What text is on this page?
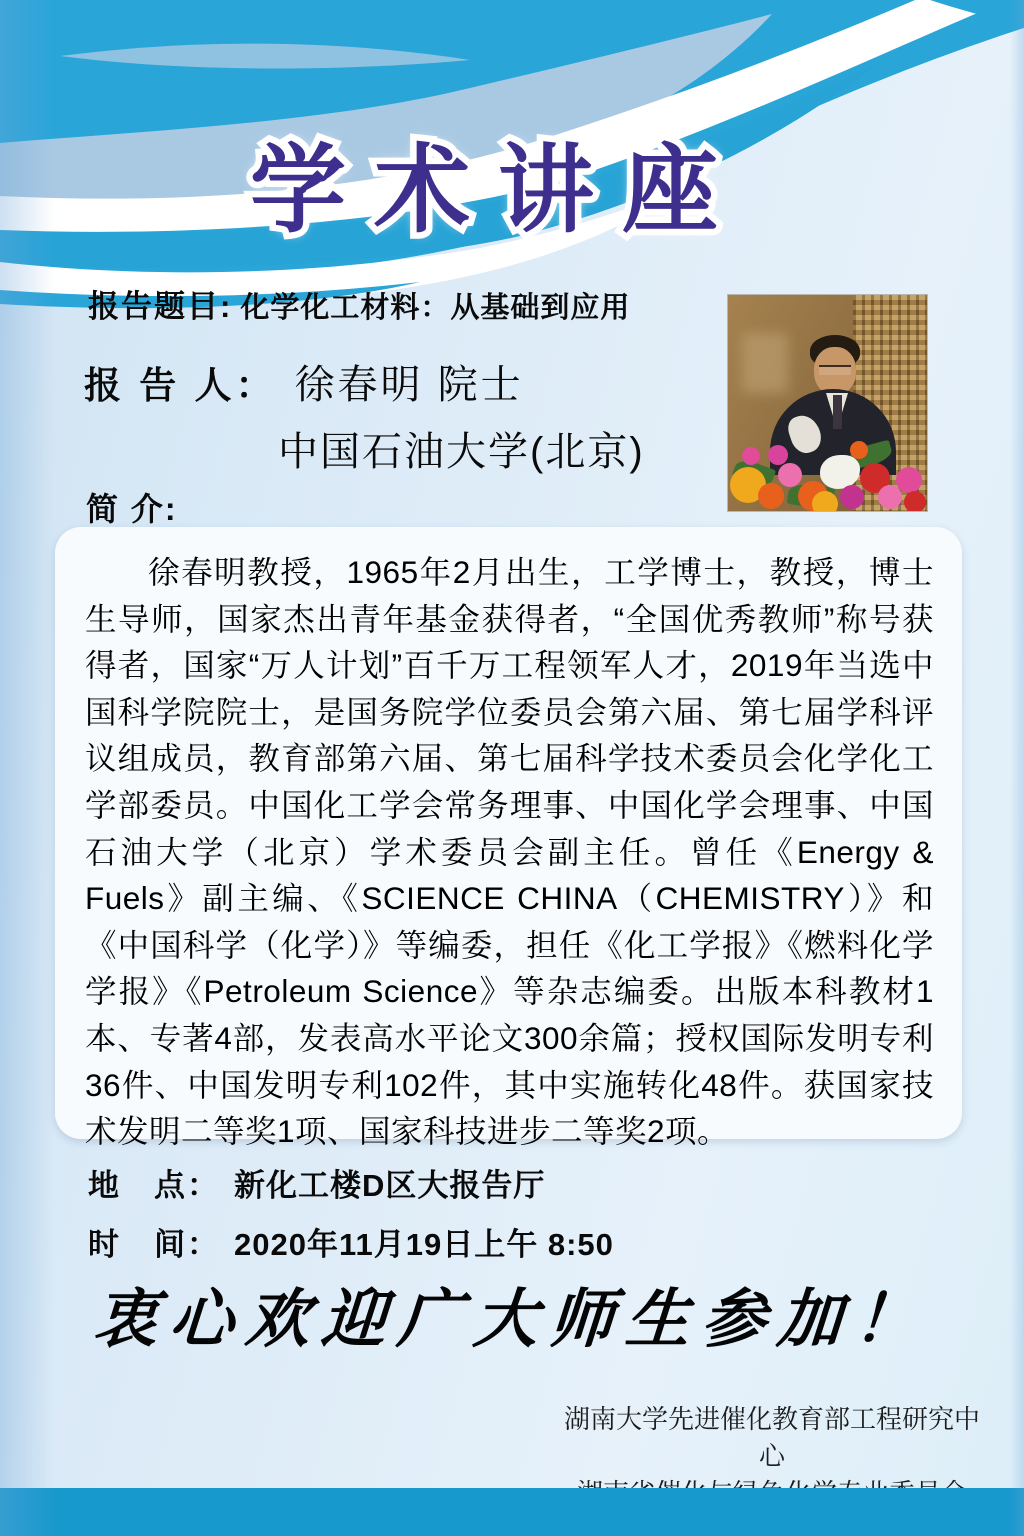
学术讲座
报告题目: 化学化工材料：从基础到应用
报 告 人： 徐春明 院士
中国石油大学(北京)
简 介:

徐春明教授，1965年2月出生，工学博士，教授，博士生导师，国家杰出青年基金获得者，“全国优秀教师”称号获得者，国家“万人计划”百千万工程领军人才，2019年当选中国科学院院士，是国务院学位委员会第六届、第七届学科评议组成员，教育部第六届、第七届科学技术委员会化学化工学部委员。中国化工学会常务理事、中国化学会理事、中国石油大学（北京）学术委员会副主任。曾任《Energy & Fuels》副主编、《SCIENCE CHINA（CHEMISTRY）》和《中国科学（化学）》等编委，担任《化工学报》《燃料化学学报》《Petroleum Science》等杂志编委。出版本科教材1本、专著4部，发表高水平论文300余篇；授权国际发明专利36件、中国发明专利102件，其中实施转化48件。获国家技术发明二等奖1项、国家科技进步二等奖2项。

地　点： 新化工楼D区大报告厅
时　间： 2020年11月19日上午 8:50
衷心欢迎广大师生参加！
湖南大学先进催化教育部工程研究中心
